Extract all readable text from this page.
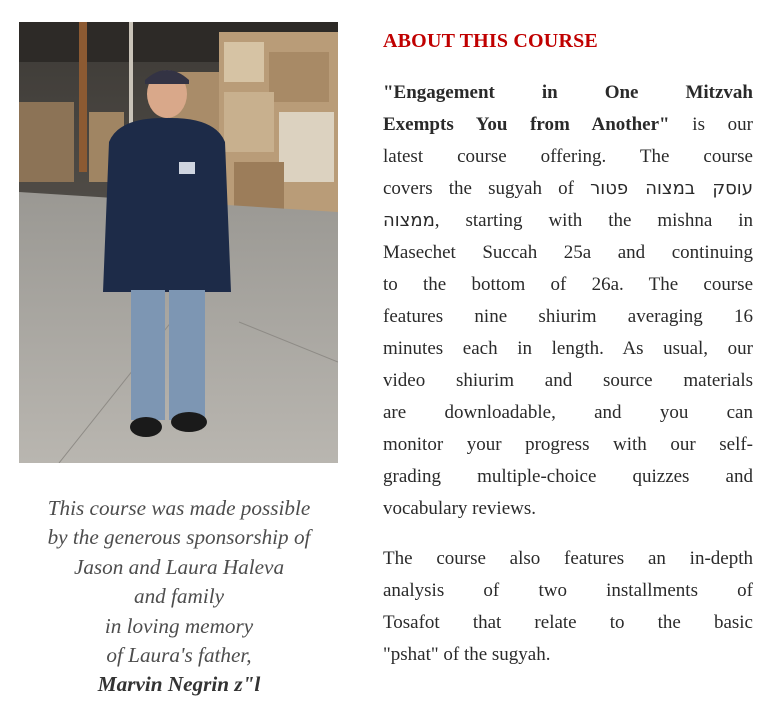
This course was made possible
by the generous sponsorship of
Jason and Laura Haleva
and family
in loving memory
of Laura's father,
Marvin Negrin z"l
ABOUT THIS COURSE
"Engagement in One Mitzvah
Exempts You from Another" is our
latest course offering. The course
covers the sugyah of עוסק במצוה פטור
ממצוה, starting with the mishna in
Masechet Succah 25a and continuing
to the bottom of 26a. The course
features nine shiurim averaging 16
minutes each in length. As usual, our
video shiurim and source materials
are downloadable, and you can
monitor your progress with our self-
grading multiple-choice quizzes and
vocabulary reviews.
The course also features an in-depth
analysis of two installments of
Tosafot that relate to the basic
"pshat" of the sugyah.
